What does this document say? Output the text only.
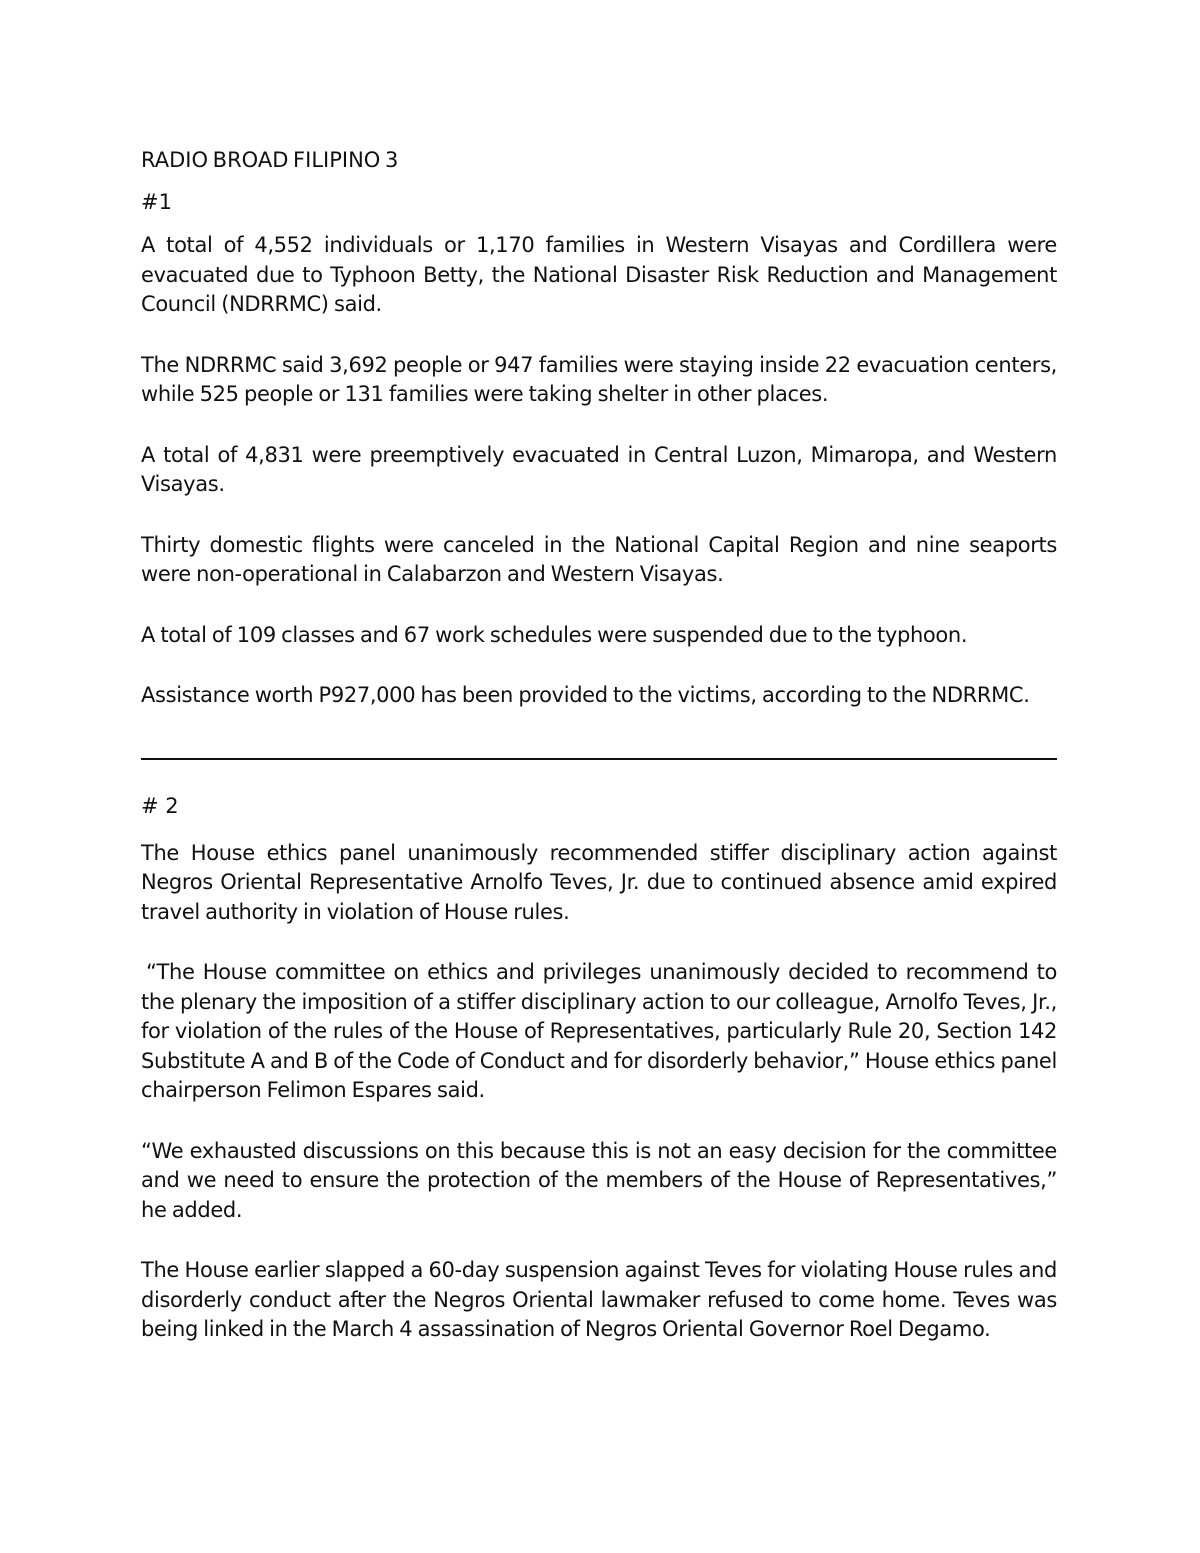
RADIO BROAD FILIPINO 3
#1

A total of 4,552 individuals or 1,170 families in Western Visayas and Cordillera were evacuated due to Typhoon Betty, the National Disaster Risk Reduction and Management Council (NDRRMC) said.

The NDRRMC said 3,692 people or 947 families were staying inside 22 evacuation centers, while 525 people or 131 families were taking shelter in other places.

A total of 4,831 were preemptively evacuated in Central Luzon, Mimaropa, and Western Visayas.

Thirty domestic flights were canceled in the National Capital Region and nine seaports were non-operational in Calabarzon and Western Visayas.

A total of 109 classes and 67 work schedules were suspended due to the typhoon.

Assistance worth P927,000 has been provided to the victims, according to the NDRRMC.

# 2

The House ethics panel unanimously recommended stiffer disciplinary action against Negros Oriental Representative Arnolfo Teves, Jr. due to continued absence amid expired travel authority in violation of House rules.

“The House committee on ethics and privileges unanimously decided to recommend to the plenary the imposition of a stiffer disciplinary action to our colleague, Arnolfo Teves, Jr., for violation of the rules of the House of Representatives, particularly Rule 20, Section 142 Substitute A and B of the Code of Conduct and for disorderly behavior,” House ethics panel chairperson Felimon Espares said.

“We exhausted discussions on this because this is not an easy decision for the committee and we need to ensure the protection of the members of the House of Representatives,” he added.

The House earlier slapped a 60-day suspension against Teves for violating House rules and disorderly conduct after the Negros Oriental lawmaker refused to come home. Teves was being linked in the March 4 assassination of Negros Oriental Governor Roel Degamo.
